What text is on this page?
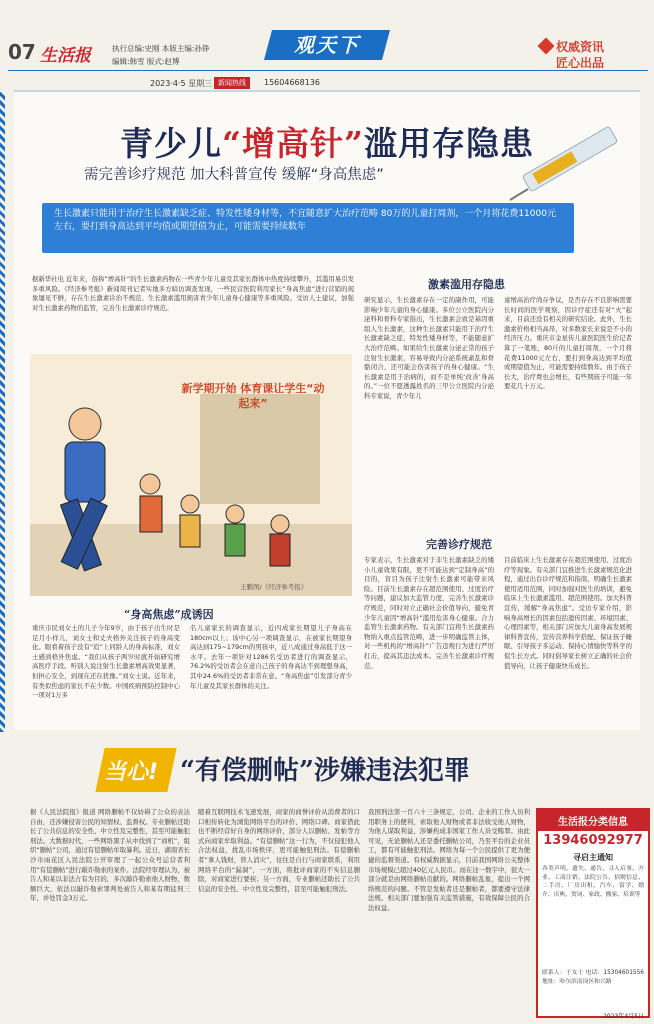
07 生活报	执行总编:史刚 本版主编:孙铮
编辑:韩雪 版式:赵博
观天下	权威资讯
匠心出品
2023·4·5 星期三 新闻热线	15604668136
青少儿“增高针”滥用存隐患
需完善诊疗规范 加大科普宣传 缓解“身高焦虑”
生长激素只能用于治疗生长激素缺乏症、特发性矮身材等，不宜随意扩大治疗范畴 80万的儿童打周剂，一个月将花费11000元左右，要打到身高达到平均值或期望值为止，可能需要持续数年
据新华社电 近年来，俗称“增高针”的生长激素药物在一些青少年儿童及其家长群体中热度持续攀升，其滥用易引发多重风险。《经济参考报》新闻周刊记者实地多方暗访调查发现，一些民营医院利用家长“身高焦虑”进行营销的现象屡见不鲜，存在生长激素诊治不规范、生长激素滥用损害青少年儿童身心健康等多重风险。受访人士建议，加强对生长激素药物的监管，完善生长激素诊疗规范。
新学期开始 体育课让学生“动起来”
王鹏图/《经济参考报》
“身高焦虑”成诱因
重庆市民刘女士的儿子今年9岁，由于孩子出生时是足月小样儿，刘女士和丈夫格外关注孩子的身高变化。眼看着孩子没有“追”上同龄人的身高标准，刘女士感到格外焦虑。“我们从孩子两岁时就开始研究增高医疗手段。听别人说注射生长激素增高效果显著，但担心安全，到现在还在犹豫。”刘女士说。近年来，有类似焦虑的家长不在少数。中国疾病预防控制中心一项对1万多
名儿童家长的调查显示，近四成家长期望儿子身高在180cm以上；该中心另一项调查显示，在被家长期望身高达到175~179cm的男孩中，近八成通过身高低于这一水平。去年一项针对1286名受访者进行的调查显示，76.2%的受访者会在意自己孩子的身高达不到理想身高，其中24.6%的受访者非常在意。“身高焦虑”引发部分青少年儿童及其家长群体的关注。
激素滥用存隐患
研究显示，生长激素存在一定的副作用，可能影响少年儿童的身心健康。多位公立医院内分泌科和骨科专家指出，生长激素会致是基因重组人生长激素，这种生长激素只能用于治疗生长激素缺乏症、特发性矮身材等，不能随意扩大治疗范畴。如果给生长激素分泌正常的孩子注射生长激素，容易导致内分泌系统紊乱和骨骼闭合，还可能会伤害孩子的身心健康。“生长激素是用于治病的，而不是单纯‘改善’身高的。”一位不愿透露姓名的三甲公立医院内分泌科专家说，青少年儿
童增高治疗尚存争议，是否存在不良影响需要长时间的医学观察，因诊疗症还有对“火”起来，目前还没有相关的研究结论。此外，生长激素价格相当高昂，对多数家长来说是不小的经济压力。重庆市金星传儿童医院医生给记者算了一笔账，80斤的儿童打周剂，一个月将花费11000元左右，要打到身高达到平均值或期望值为止，可能需要持续数年。由于孩子长大，治疗费也会增长，有些期孩子可能一年要花几十万元。
完善诊疗规范
专家表示，生长激素对于非生长激素缺乏的矮小儿童效果有限，更不可能达到“定制身高”的目的，盲目为孩子注射生长激素可能带来风险。目前生长激素存在超范围使用、过度治疗等问题，建议加大监管力度，完善生长激素诊疗规范，同时对立正确社会价值导向，避免青少年儿童因“增高针”滥用危害身心健康。合力监管生长激素药物。有关部门宜将生长激素药物纳入重点监管范畴，进一步明确监管主体，对一些机构的“增高针”广告违规行为进行严厉打击，提高其违法成本。完善生长激素诊疗规范。
目前临床上生长激素存在超范围使用、过度治疗等现象。有关部门宜推进生长激素规范化进程，通过出台诊疗规范和指南，明确生长激素使用适用范围，同时加强对医生的培训，避免临床上生长激素滥用、超范围使用。加大科普宣传，缓解“身高焦虑”。受访专家介绍，影响身高增长的因素包括遗传因素、环境因素、心理因素等，相关部门应加大儿童身高发展规律科普宣传，宣传营养科学搭配、保证孩子睡眠、引导孩子多运动、保持心情愉快等科学的促生长方式。同时倡导家长树立正确的社会价值导向，让孩子健康快乐成长。
当心! “有偿删帖”涉嫌违法犯罪
据《人民法院报》报道 网络删帖不仅妨碍了公众的表达自由，还涉嫌侵害公民的知情权、监督权。专业删帖还助长了公共信息的安全性、中立性及完整性，甚至可能触犯刑法。大数据时代，一些网络黑手从中找到了“商机”，组织“删帖”公司，通过有偿删帖牟取暴利。近日，湖南省长沙市雨花区人民法院公开审理了一起公众号运营者利用“有偿删帖”进行敲诈勒索的案件。法院经审理认为，被告人和某以非法占有为目的，多次敲诈勒索他人财物，数额巨大，依法以敲诈勒索罪判处被告人和某有期徒刑三年，并处罚金3万元。
随着互联网技术飞速发展，商家的商誉评价从消费者的口口相传转化为浏览网络平台的评价、网络口碑。商家借此也不断经营好自身的网络评价，部分人以删帖、发帖等方式向商家牟取利益。“有偿删帖”这一行为，不仅侵犯他人合法权益，扰乱市场秩序，更可能触犯刑法。有偿删帖者“拿人钱财，替人消灾”，往往是自行与商家联系，利用网络平台的“漏洞”，一方面，将批评商家的不实信息删除，对商家进行要挟；另一方面，专业删帖还助长了公共信息的安全性、中立性及完整性，甚至可能触犯刑法。
我国刑法第一百六十三条规定，公司、企业的工作人员利用职务上的便利，索取他人财物或者非法收受他人财物，为他人谋取利益，涉嫌构成非国家工作人员受贿罪。由此可见，无论删帖人还是委托删帖公司，乃至平台的企业员工，都有可能触犯刑法。网络为每一个公民提供了更为便捷的监督渠道。有权威数据显示，目前我国网络公关整体市场规模已超过40亿元人民币。而在这一数字中，很大一部分就是由网络删帖贡献的。网络删帖乱象，提出一个网络规范的问题。不管是发帖者还是删帖者，都要遵守法律法规。相关部门要加强有关监管措施，有效保障公民的合法权益。
生活报分类信息
13946092977
寻启主通知
各类声明、遗失、通告、寻人启事、开业、工商注销、法院公告、招聘信息、二手房、厂房出租、汽车、留学、婚介、庆典、贺词、家政、搬家、培训等
联系人：于女士 电话：15304601556 地址：哈尔滨南岗区和兴路
2023年4月5日
